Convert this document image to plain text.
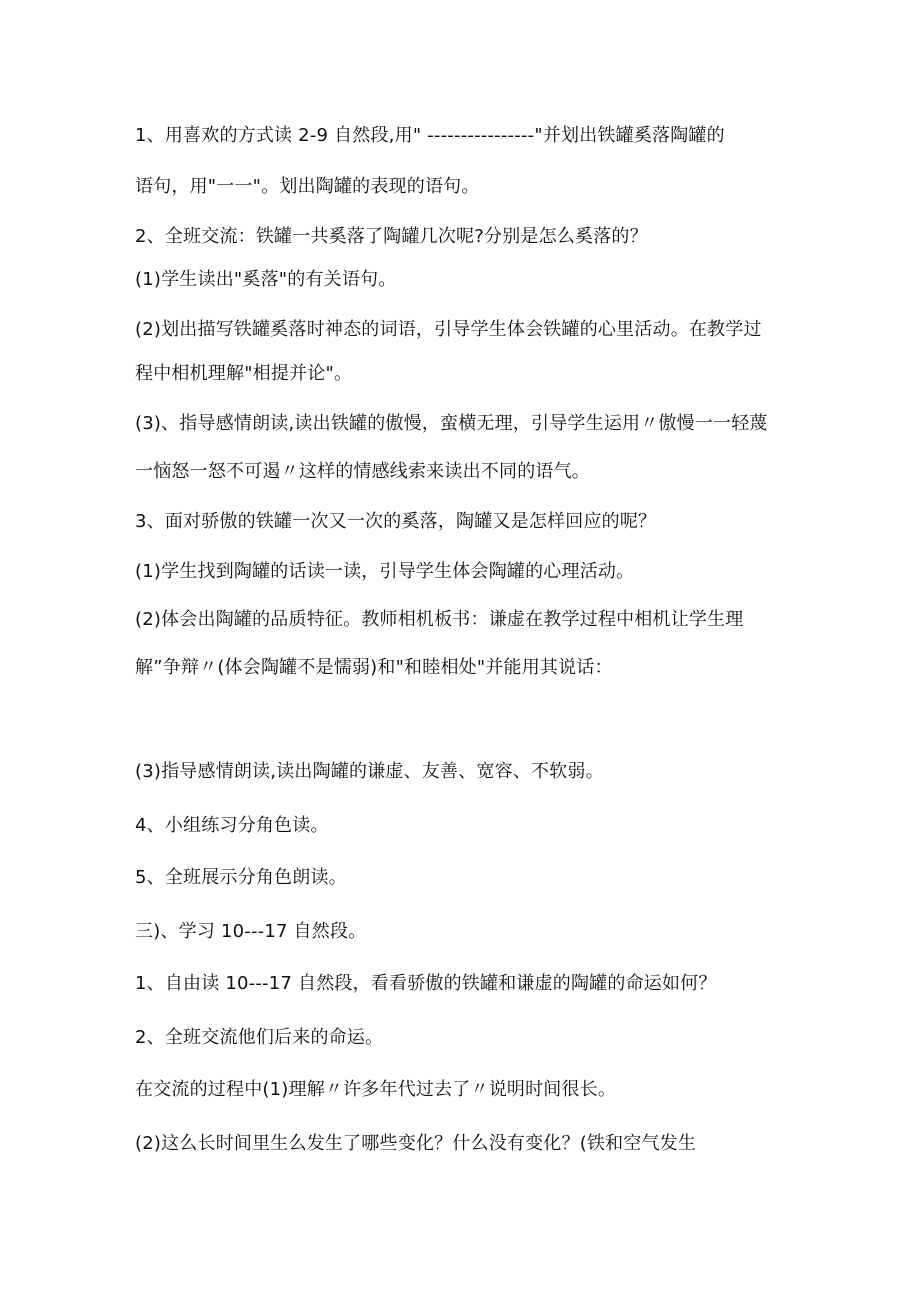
1、用喜欢的方式读 2-9 自然段,用" ----------------"并划出铁罐奚落陶罐的
语句，用"一一"。划出陶罐的表现的语句。
2、全班交流：铁罐一共奚落了陶罐几次呢?分别是怎么奚落的？
(1)学生读出"奚落"的有关语句。
(2)划出描写铁罐奚落时神态的词语，引导学生体会铁罐的心里活动。在教学过
程中相机理解"相提并论"。
(3)、指导感情朗读,读出铁罐的傲慢，蛮横无理，引导学生运用〃傲慢一一轻蔑
一恼怒一怒不可遏〃这样的情感线索来读出不同的语气。
3、面对骄傲的铁罐一次又一次的奚落，陶罐又是怎样回应的呢？
(1)学生找到陶罐的话读一读，引导学生体会陶罐的心理活动。
(2)体会出陶罐的品质特征。教师相机板书：谦虚在教学过程中相机让学生理
解”争辩〃(体会陶罐不是懦弱)和"和睦相处"并能用其说话：
(3)指导感情朗读,读出陶罐的谦虚、友善、宽容、不软弱。
4、小组练习分角色读。
5、全班展示分角色朗读。
三)、学习 10---17 自然段。
1、自由读 10---17 自然段，看看骄傲的铁罐和谦虚的陶罐的命运如何？
2、全班交流他们后来的命运。
在交流的过程中(1)理解〃许多年代过去了〃说明时间很长。
(2)这么长时间里生么发生了哪些变化？什么没有变化？(铁和空气发生
